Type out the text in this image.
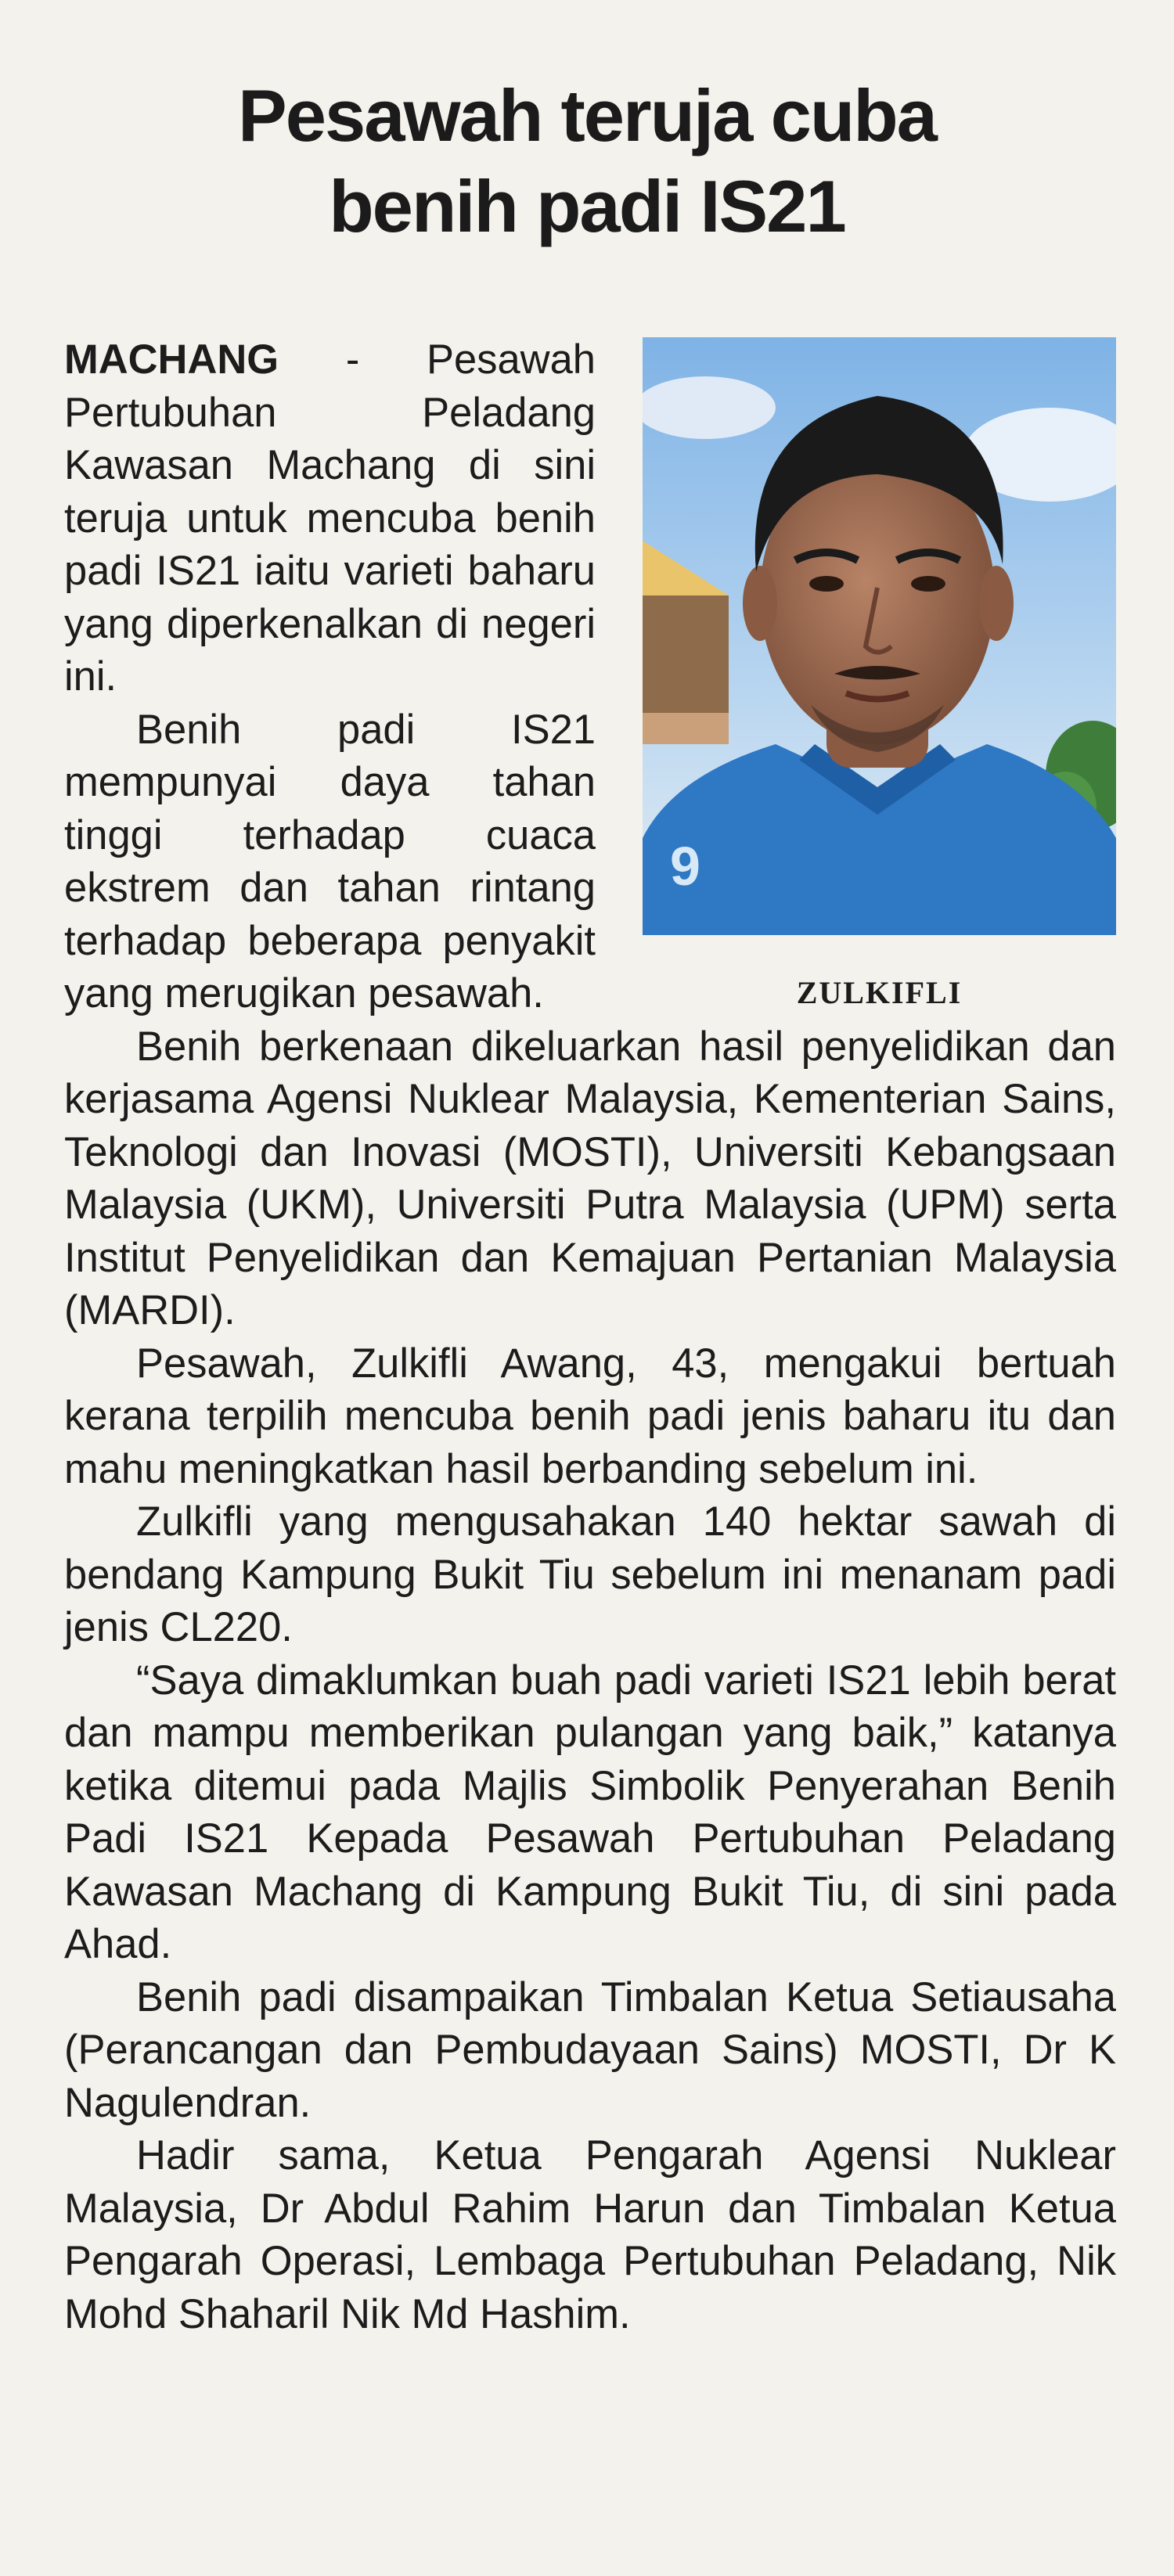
Pesawah teruja cuba
benih padi IS21
9
ZULKIFLI

MACHANG - Pesawah Pertubuhan Peladang Kawasan Machang di sini teruja untuk mencuba benih padi IS21 iaitu varieti baharu yang diperkenalkan di negeri ini.

Benih padi IS21 mempunyai daya tahan tinggi terhadap cuaca ekstrem dan tahan rintang terhadap beberapa penyakit yang merugikan pesawah.

Benih berkenaan dikeluarkan hasil penyelidikan dan kerjasama Agensi Nuklear Malaysia, Kementerian Sains, Teknologi dan Inovasi (MOSTI), Universiti Kebangsaan Malaysia (UKM), Universiti Putra Malaysia (UPM) serta Institut Penyelidikan dan Kemajuan Pertanian Malaysia (MARDI).

Pesawah, Zulkifli Awang, 43, mengakui bertuah kerana terpilih mencuba benih padi jenis baharu itu dan mahu meningkatkan hasil berbanding sebelum ini.

Zulkifli yang mengusahakan 140 hektar sawah di bendang Kampung Bukit Tiu sebelum ini menanam padi jenis CL220.

“Saya dimaklumkan buah padi varieti IS21 lebih berat dan mampu memberikan pulangan yang baik,” katanya ketika ditemui pada Majlis Simbolik Penyerahan Benih Padi IS21 Kepada Pesawah Pertubuhan Peladang Kawasan Machang di Kampung Bukit Tiu, di sini pada Ahad.

Benih padi disampaikan Timbalan Ketua Setiausaha (Perancangan dan Pembudayaan Sains) MOSTI, Dr K Nagulendran.

Hadir sama, Ketua Pengarah Agensi Nuklear Malaysia, Dr Abdul Rahim Harun dan Timbalan Ketua Pengarah Operasi, Lembaga Pertubuhan Peladang, Nik Mohd Shaharil Nik Md Hashim.
